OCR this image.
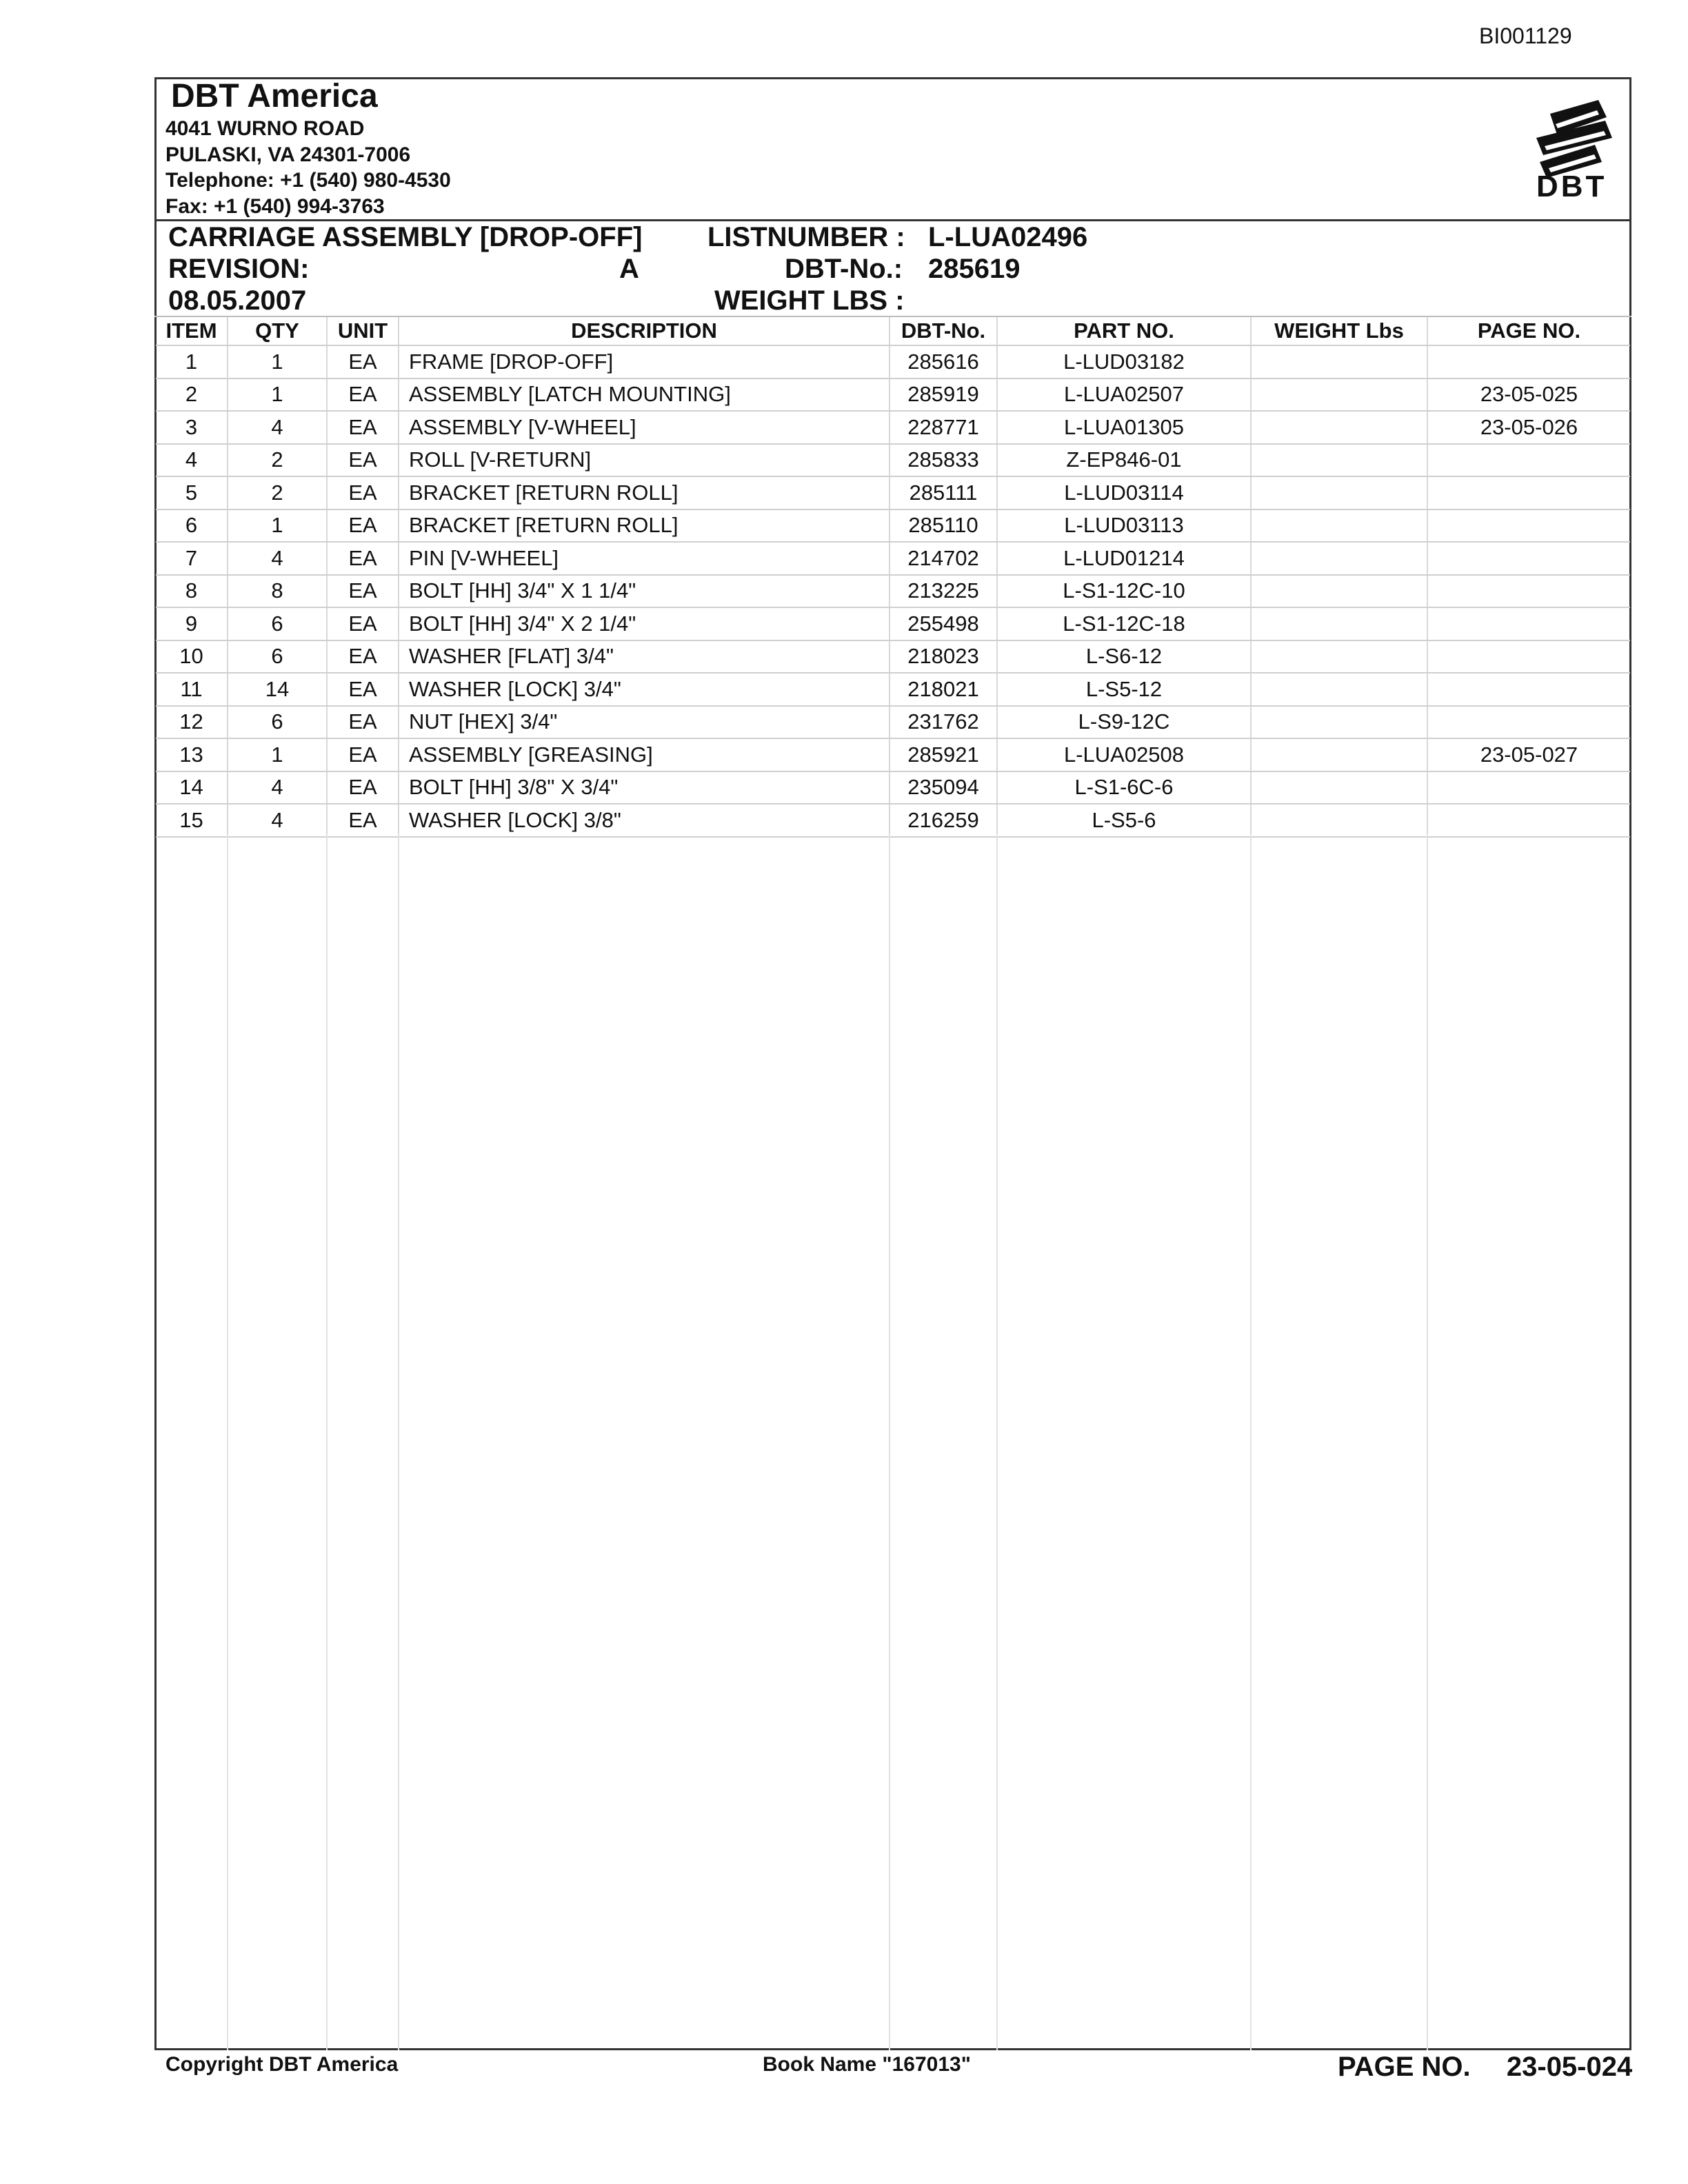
BI001129
DBT America
4041 WURNO ROAD
PULASKI, VA 24301-7006
Telephone: +1 (540) 980-4530
Fax: +1 (540) 994-3763
DBT
CARRIAGE ASSEMBLY [DROP-OFF] LISTNUMBER : L-LUA02496
REVISION:	A	DBT-No.: 285619
08.05.2007	WEIGHT LBS :
ITEM	QTY	UNIT	DESCRIPTION	DBT-No.	PART NO.	WEIGHT Lbs	PAGE NO.
1	1	EA	FRAME [DROP-OFF]	285616	L-LUD03182		
2	1	EA	ASSEMBLY [LATCH MOUNTING]	285919	L-LUA02507		23-05-025
3	4	EA	ASSEMBLY [V-WHEEL]	228771	L-LUA01305		23-05-026
4	2	EA	ROLL [V-RETURN]	285833	Z-EP846-01		
5	2	EA	BRACKET [RETURN ROLL]	285111	L-LUD03114		
6	1	EA	BRACKET [RETURN ROLL]	285110	L-LUD03113		
7	4	EA	PIN [V-WHEEL]	214702	L-LUD01214		
8	8	EA	BOLT [HH] 3/4" X 1 1/4"	213225	L-S1-12C-10		
9	6	EA	BOLT [HH] 3/4" X 2 1/4"	255498	L-S1-12C-18		
10	6	EA	WASHER [FLAT] 3/4"	218023	L-S6-12		
11	14	EA	WASHER [LOCK] 3/4"	218021	L-S5-12		
12	6	EA	NUT [HEX] 3/4"	231762	L-S9-12C		
13	1	EA	ASSEMBLY [GREASING]	285921	L-LUA02508		23-05-027
14	4	EA	BOLT [HH] 3/8" X 3/4"	235094	L-S1-6C-6		
15	4	EA	WASHER [LOCK] 3/8"	216259	L-S5-6		
Copyright DBT America	Book Name "167013"	PAGE NO. 23-05-024
